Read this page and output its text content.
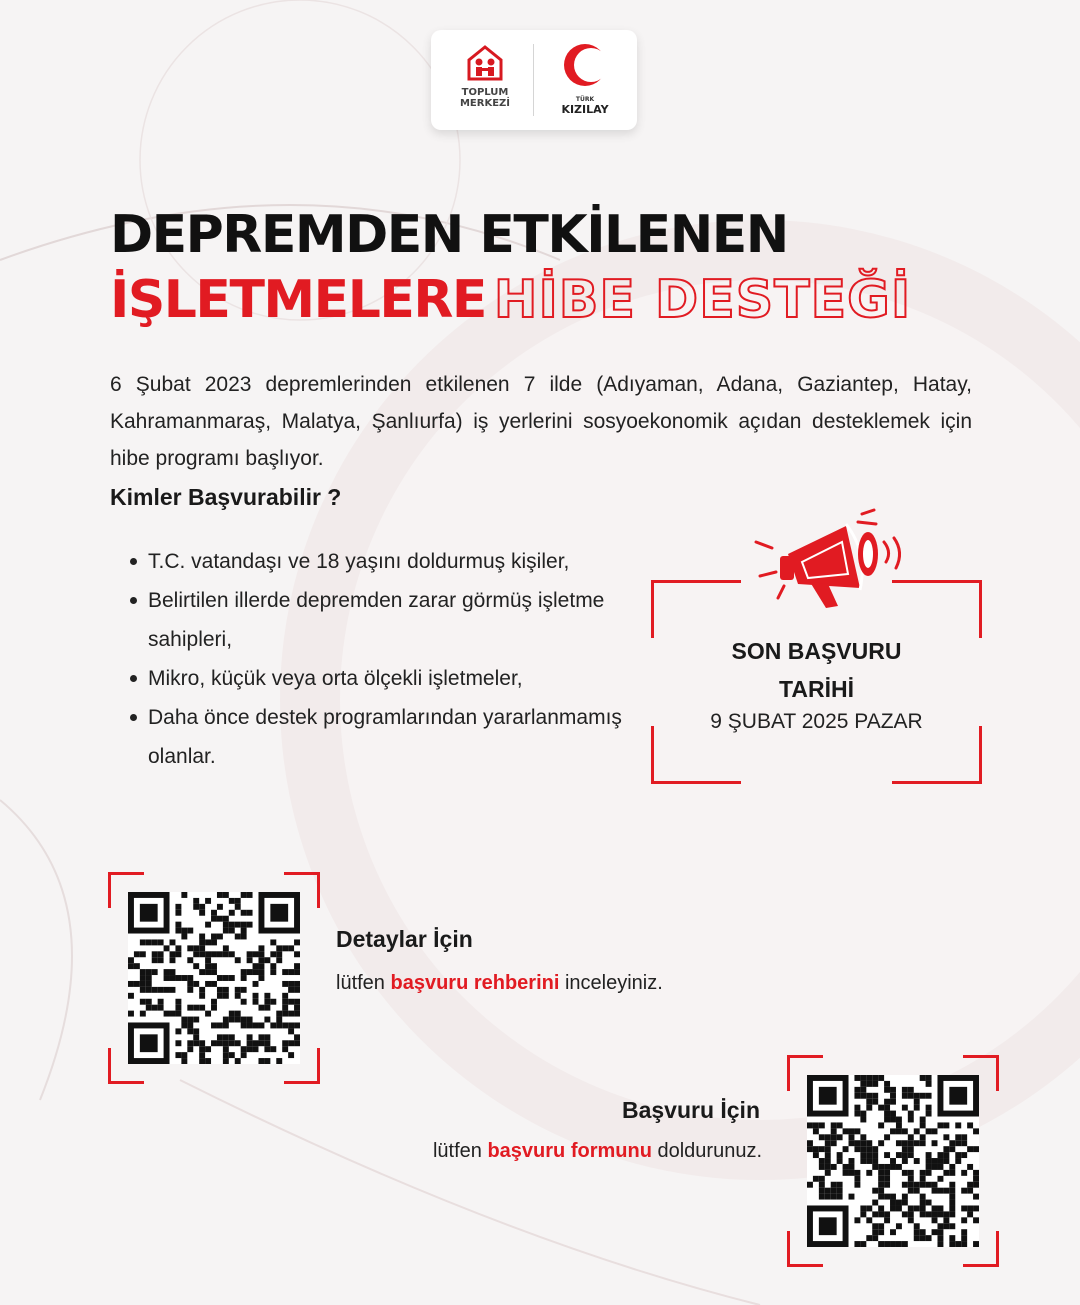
TOPLUM
MERKEZİ	TÜRK
KIZILAY
DEPREMDEN ETKİLENEN
İŞLETMELERE HİBE DESTEĞİ

6 Şubat 2023 depremlerinden etkilenen 7 ilde (Adıyaman, Adana, Gaziantep, Hatay, Kahramanmaraş, Malatya, Şanlıurfa) iş yerlerini sosyoekonomik açıdan desteklemek için hibe programı başlıyor.

Kimler Başvurabilir ?
T.C. vatandaşı ve 18 yaşını doldurmuş kişiler,
Belirtilen illerde depremden zarar görmüş işletme sahipleri,
Mikro, küçük veya orta ölçekli işletmeler,
Daha önce destek programlarından yararlanmamış olanlar.
SON BAŞVURU
TARİHİ
9 ŞUBAT 2025 PAZAR
Detaylar İçin
lütfen başvuru rehberini inceleyiniz.
Başvuru İçin
lütfen başvuru formunu doldurunuz.
